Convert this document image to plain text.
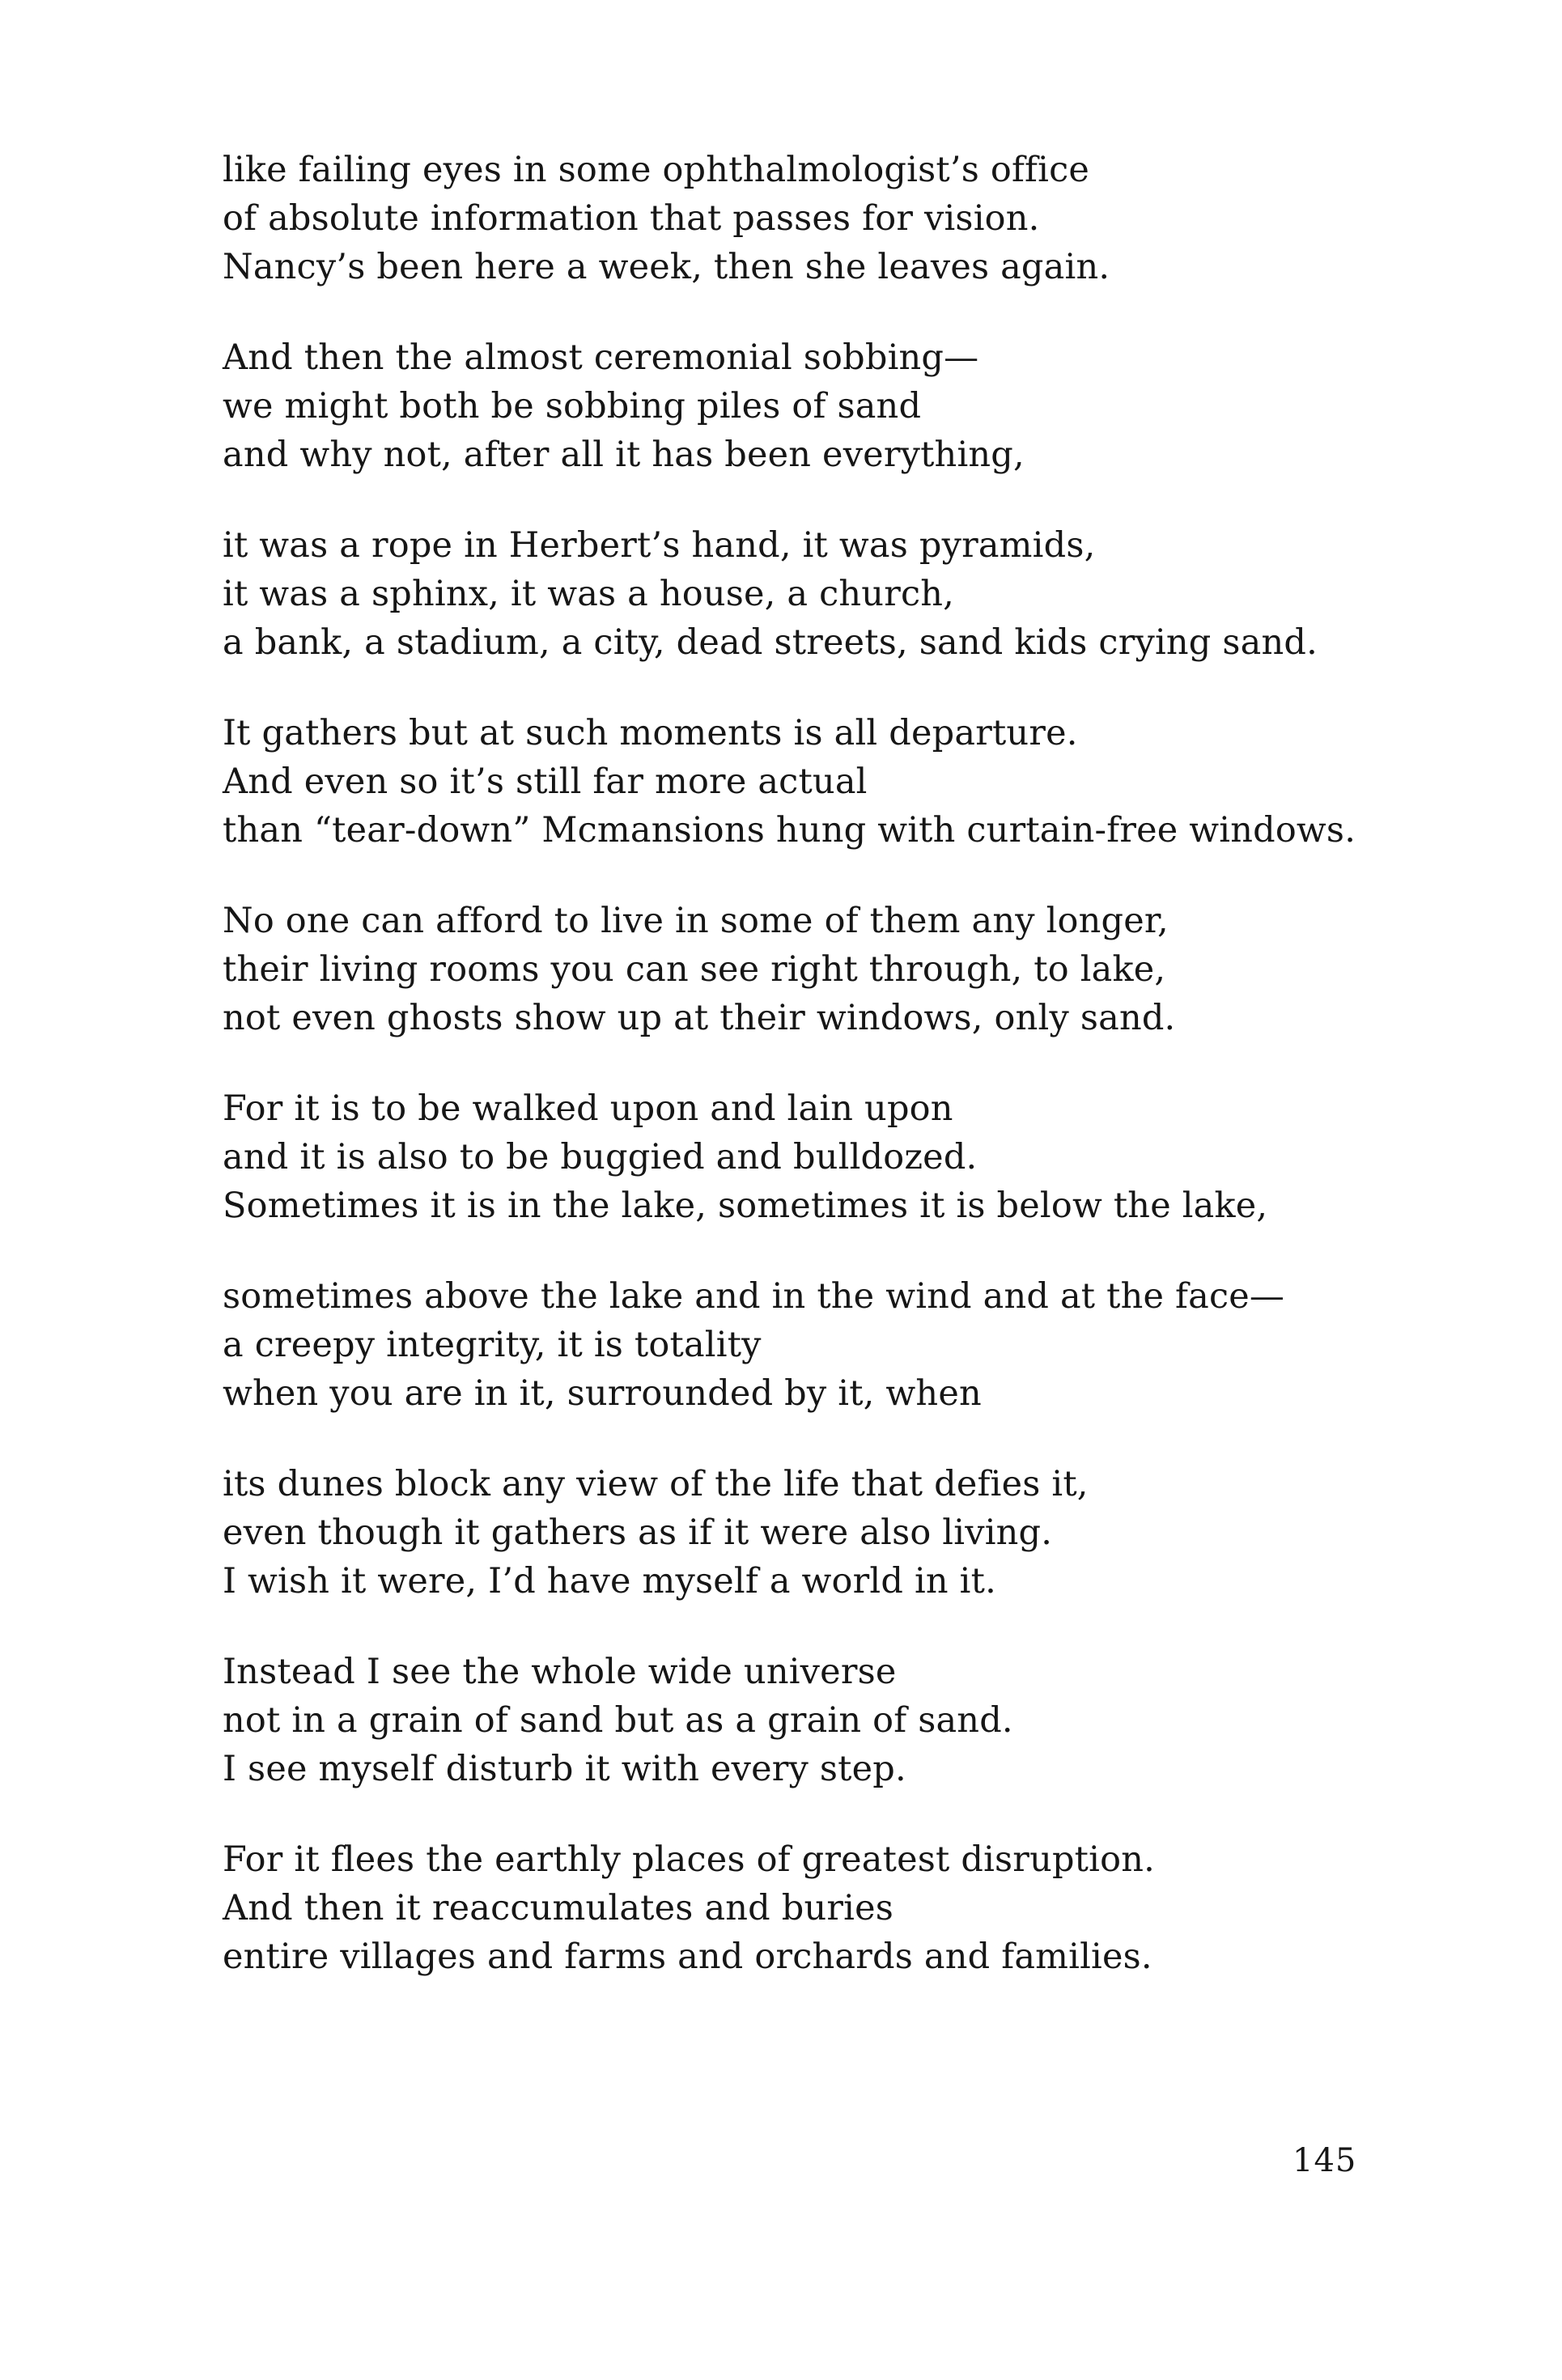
like failing eyes in some ophthalmologist’s office
of absolute information that passes for vision.
Nancy’s been here a week, then she leaves again.
And then the almost ceremonial sobbing—
we might both be sobbing piles of sand
and why not, after all it has been everything,
it was a rope in Herbert’s hand, it was pyramids,
it was a sphinx, it was a house, a church,
a bank, a stadium, a city, dead streets, sand kids crying sand.
It gathers but at such moments is all departure.
And even so it’s still far more actual
than “tear-down” Mcmansions hung with curtain-free windows.
No one can afford to live in some of them any longer,
their living rooms you can see right through, to lake,
not even ghosts show up at their windows, only sand.
For it is to be walked upon and lain upon
and it is also to be buggied and bulldozed.
Sometimes it is in the lake, sometimes it is below the lake,
sometimes above the lake and in the wind and at the face—
a creepy integrity, it is totality
when you are in it, surrounded by it, when
its dunes block any view of the life that defies it,
even though it gathers as if it were also living.
I wish it were, I’d have myself a world in it.
Instead I see the whole wide universe
not in a grain of sand but as a grain of sand.
I see myself disturb it with every step.
For it flees the earthly places of greatest disruption.
And then it reaccumulates and buries
entire villages and farms and orchards and families.
145
